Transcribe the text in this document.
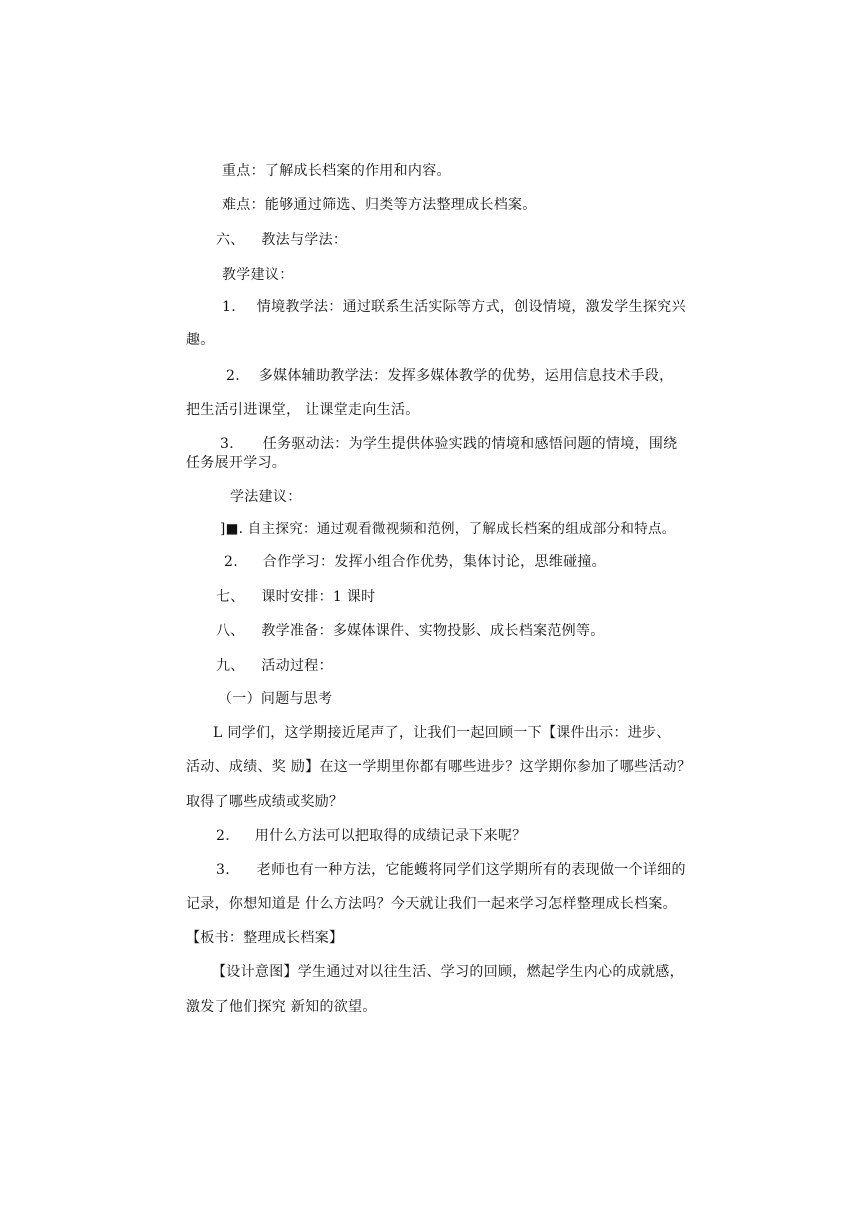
重点：了解成长档案的作用和内容。
难点：能够通过筛选、归类等方法整理成长档案。
六、 教法与学法：
教学建议：
1. 情境教学法：通过联系生活实际等方式，创设情境，激发学生探究兴
趣。
2. 多媒体辅助教学法：发挥多媒体教学的优势，运用信息技术手段，
把生活引进课堂， 让课堂走向生活。
3. 任务驱动法：为学生提供体验实践的情境和感悟问题的情境，围绕
任务展开学习。
学法建议：
]■. 自主探究：通过观看微视频和范例，了解成长档案的组成部分和特点。
2. 合作学习：发挥小组合作优势，集体讨论，思维碰撞。
七、 课时安排：1 课时
八、 教学准备：多媒体课件、实物投影、成长档案范例等。
九、 活动过程：
（一）问题与思考
L 同学们，这学期接近尾声了，让我们一起回顾一下【课件出示：进步、
活动、成绩、奖 励】在这一学期里你都有哪些进步？这学期你参加了哪些活动？
取得了哪些成绩或奖励？
2. 用什么方法可以把取得的成绩记录下来呢？
3. 老师也有一种方法，它能蠖将同学们这学期所有的表现做一个详细的
记录，你想知道是 什么方法吗？今天就让我们一起来学习怎样整理成长档案。
【板书：整理成长档案】
【设计意图】学生通过对以往生活、学习的回顾，燃起学生内心的成就感，
激发了他们探究 新知的欲望。
